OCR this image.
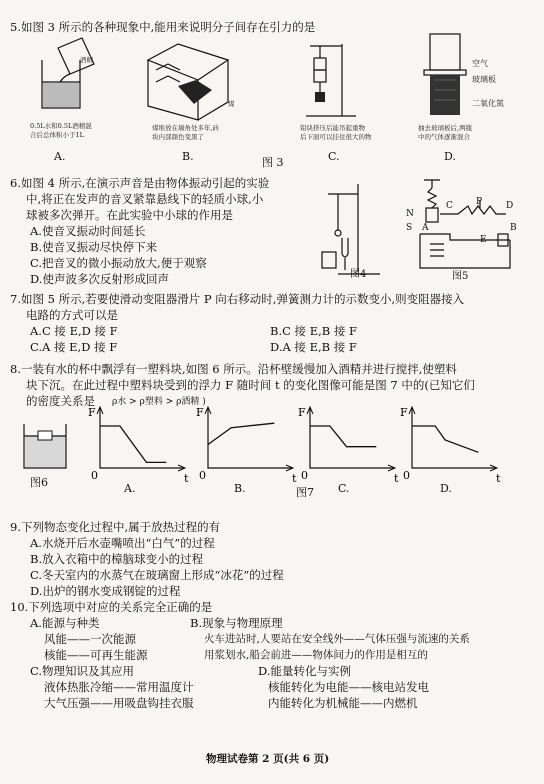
5.如图 3 所示的各种现象中,能用来说明分子间存在引力的是
酒精
0.5L水和0.5L酒精混
合后总体积小于1L
A.
煤
煤堆放在墙角处多年,砖
块内部颜色变黑了
B.	图 3
铅块挤压后能吊起重物
后下面可以挂住很大的物
C.
空气
玻璃板
二氧化氮
抽去玻璃板后,两瓶
中的气体逐渐混合
D.
6.如图 4 所示,在演示声音是由物体振动引起的实验
中,将正在发声的音叉紧靠悬线下的轻质小球,小
球被多次弹开。在此实验中小球的作用是
A.使音叉振动时间延长
B.使音叉振动尽快停下来
C.把音叉的微小振动放大,便于观察
D.使声波多次反射形成回声	图4
C	P	D
N
S A
E
B
图5
7.如图 5 所示,若要使滑动变阻器滑片 P 向右移动时,弹簧测力计的示数变小,则变阻器接入
电路的方式可以是
A.C 接 E,D 接 F	B.C 接 E,B 接 F
C.A 接 E,D 接 F	D.A 接 E,B 接 F
8.一装有水的杯中飘浮有一塑料块,如图 6 所示。沿杯壁缓慢加入酒精并进行搅拌,使塑料
块下沉。在此过程中塑料块受到的浮力 F 随时间 t 的变化图像可能是图 7 中的(已知它们
的密度关系是 ρ水 > ρ塑料 > ρ酒精 )
图6
F
t
0
F
t
0
F
t
0
F
t
0
A.	B.	图7 C.	D.
9.下列物态变化过程中,属于放热过程的有
A.水烧开后水壶嘴喷出“白气”的过程
B.放入衣箱中的樟脑球变小的过程
C.冬天室内的水蒸气在玻璃窗上形成“冰花”的过程
D.出炉的钢水变成钢锭的过程
10.下列选项中对应的关系完全正确的是
A.能源与种类
风能——一次能源
核能——可再生能源
B.现象与物理原理
火车进站时,人要站在安全线外——气体压强与流速的关系
用浆划水,船会前进——物体间力的作用是相互的
C.物理知识及其应用
液体热胀冷缩——常用温度计
大气压强——用吸盘钩挂衣服
D.能量转化与实例
核能转化为电能——核电站发电
内能转化为机械能——内燃机
物理试卷第 2 页(共 6 页)
